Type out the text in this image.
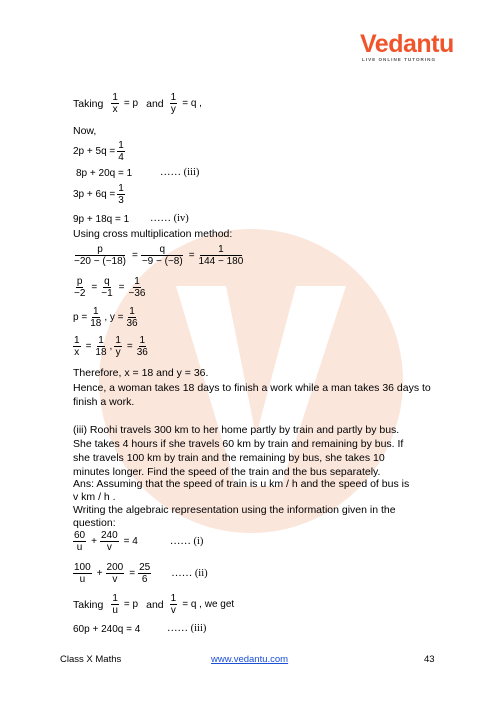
Vedantu
LIVE ONLINE TUTORING
Taking $\frac{1}{x} = p$ and $\frac{1}{y} = q$ ,
Now,
$2p + 5q = \frac{1}{4}$
8p + 20q = 1	…… (iii)
$3p + 6q = \frac{1}{3}$
9p + 18q = 1 …… (iv)
Using cross multiplication method:
$\frac{p}{-20 - (-18)} = \frac{q}{-9 - (-8)} = \frac{1}{144 - 180}$
$\frac{p}{-2} = \frac{q}{-1} = \frac{1}{-36}$
$p = \frac{1}{18}$ , $y = \frac{1}{36}$
$\frac{1}{x} = \frac{1}{18}$ , $\frac{1}{y} = \frac{1}{36}$
Therefore, x = 18 and y = 36.
Hence, a woman takes 18 days to finish a work while a man takes 36 days to
finish a work.
(iii) Roohi travels 300 km to her home partly by train and partly by bus.
She takes 4 hours if she travels 60 km by train and remaining by bus. If
she travels 100 km by train and the remaining by bus, she takes 10
minutes longer. Find the speed of the train and the bus separately.
Ans: Assuming that the speed of train is u km / h and the speed of bus is
v km / h .
Writing the algebraic representation using the information given in the
question:
$\frac{60}{u} + \frac{240}{v} = 4$	…… (i)
$\frac{100}{u} + \frac{200}{v} = \frac{25}{6}$ …… (ii)
Taking $\frac{1}{u} = p$ and $\frac{1}{v} = q$ , we get
60p + 240q = 4	…… (iii)
Class X Maths	www.vedantu.com	43
